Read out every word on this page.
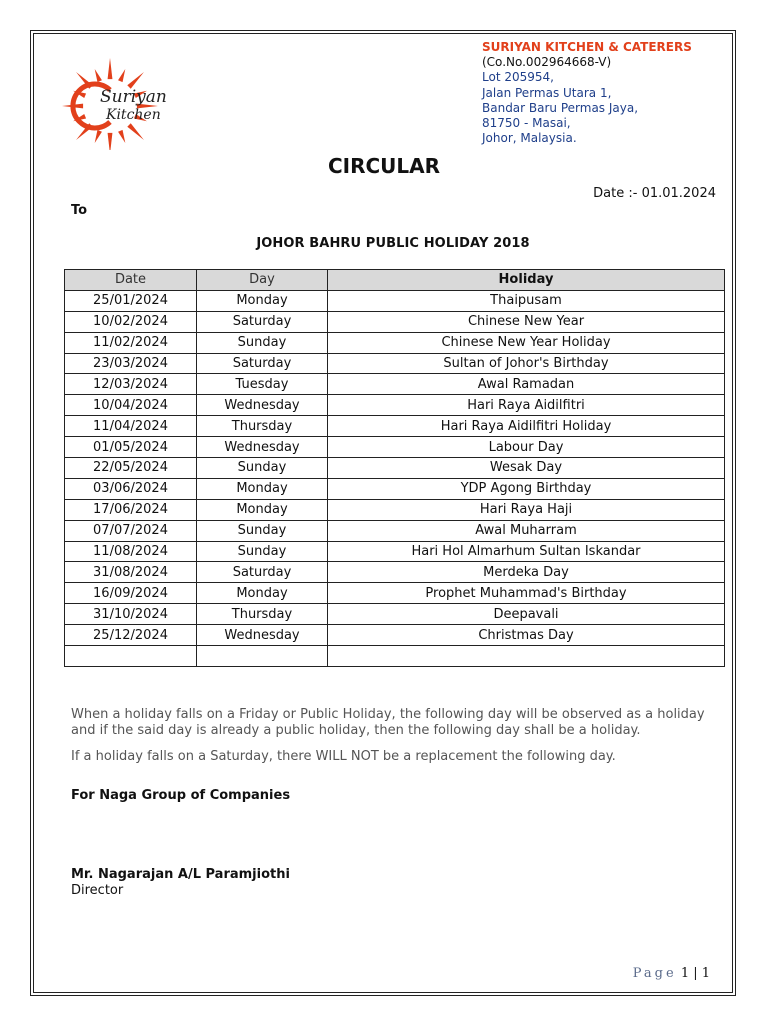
Suriyan
Kitchen
SURIYAN KITCHEN & CATERERS
(Co.No.002964668-V)
Lot 205954,
Jalan Permas Utara 1,
Bandar Baru Permas Jaya,
81750 - Masai,
Johor, Malaysia.
CIRCULAR
Date :- 01.01.2024
To
JOHOR BAHRU PUBLIC HOLIDAY 2018
Date	Day	Holiday
25/01/2024	Monday	Thaipusam
10/02/2024	Saturday	Chinese New Year
11/02/2024	Sunday	Chinese New Year Holiday
23/03/2024	Saturday	Sultan of Johor's Birthday
12/03/2024	Tuesday	Awal Ramadan
10/04/2024	Wednesday	Hari Raya Aidilfitri
11/04/2024	Thursday	Hari Raya Aidilfitri Holiday
01/05/2024	Wednesday	Labour Day
22/05/2024	Sunday	Wesak Day
03/06/2024	Monday	YDP Agong Birthday
17/06/2024	Monday	Hari Raya Haji
07/07/2024	Sunday	Awal Muharram
11/08/2024	Sunday	Hari Hol Almarhum Sultan Iskandar
31/08/2024	Saturday	Merdeka Day
16/09/2024	Monday	Prophet Muhammad's Birthday
31/10/2024	Thursday	Deepavali
25/12/2024	Wednesday	Christmas Day

When a holiday falls on a Friday or Public Holiday, the following day will be observed as a holiday and if the said day is already a public holiday, then the following day shall be a holiday.
If a holiday falls on a Saturday, there WILL NOT be a replacement the following day.
For Naga Group of Companies
Mr. Nagarajan A/L Paramjiothi
Director
Page 1 | 1
